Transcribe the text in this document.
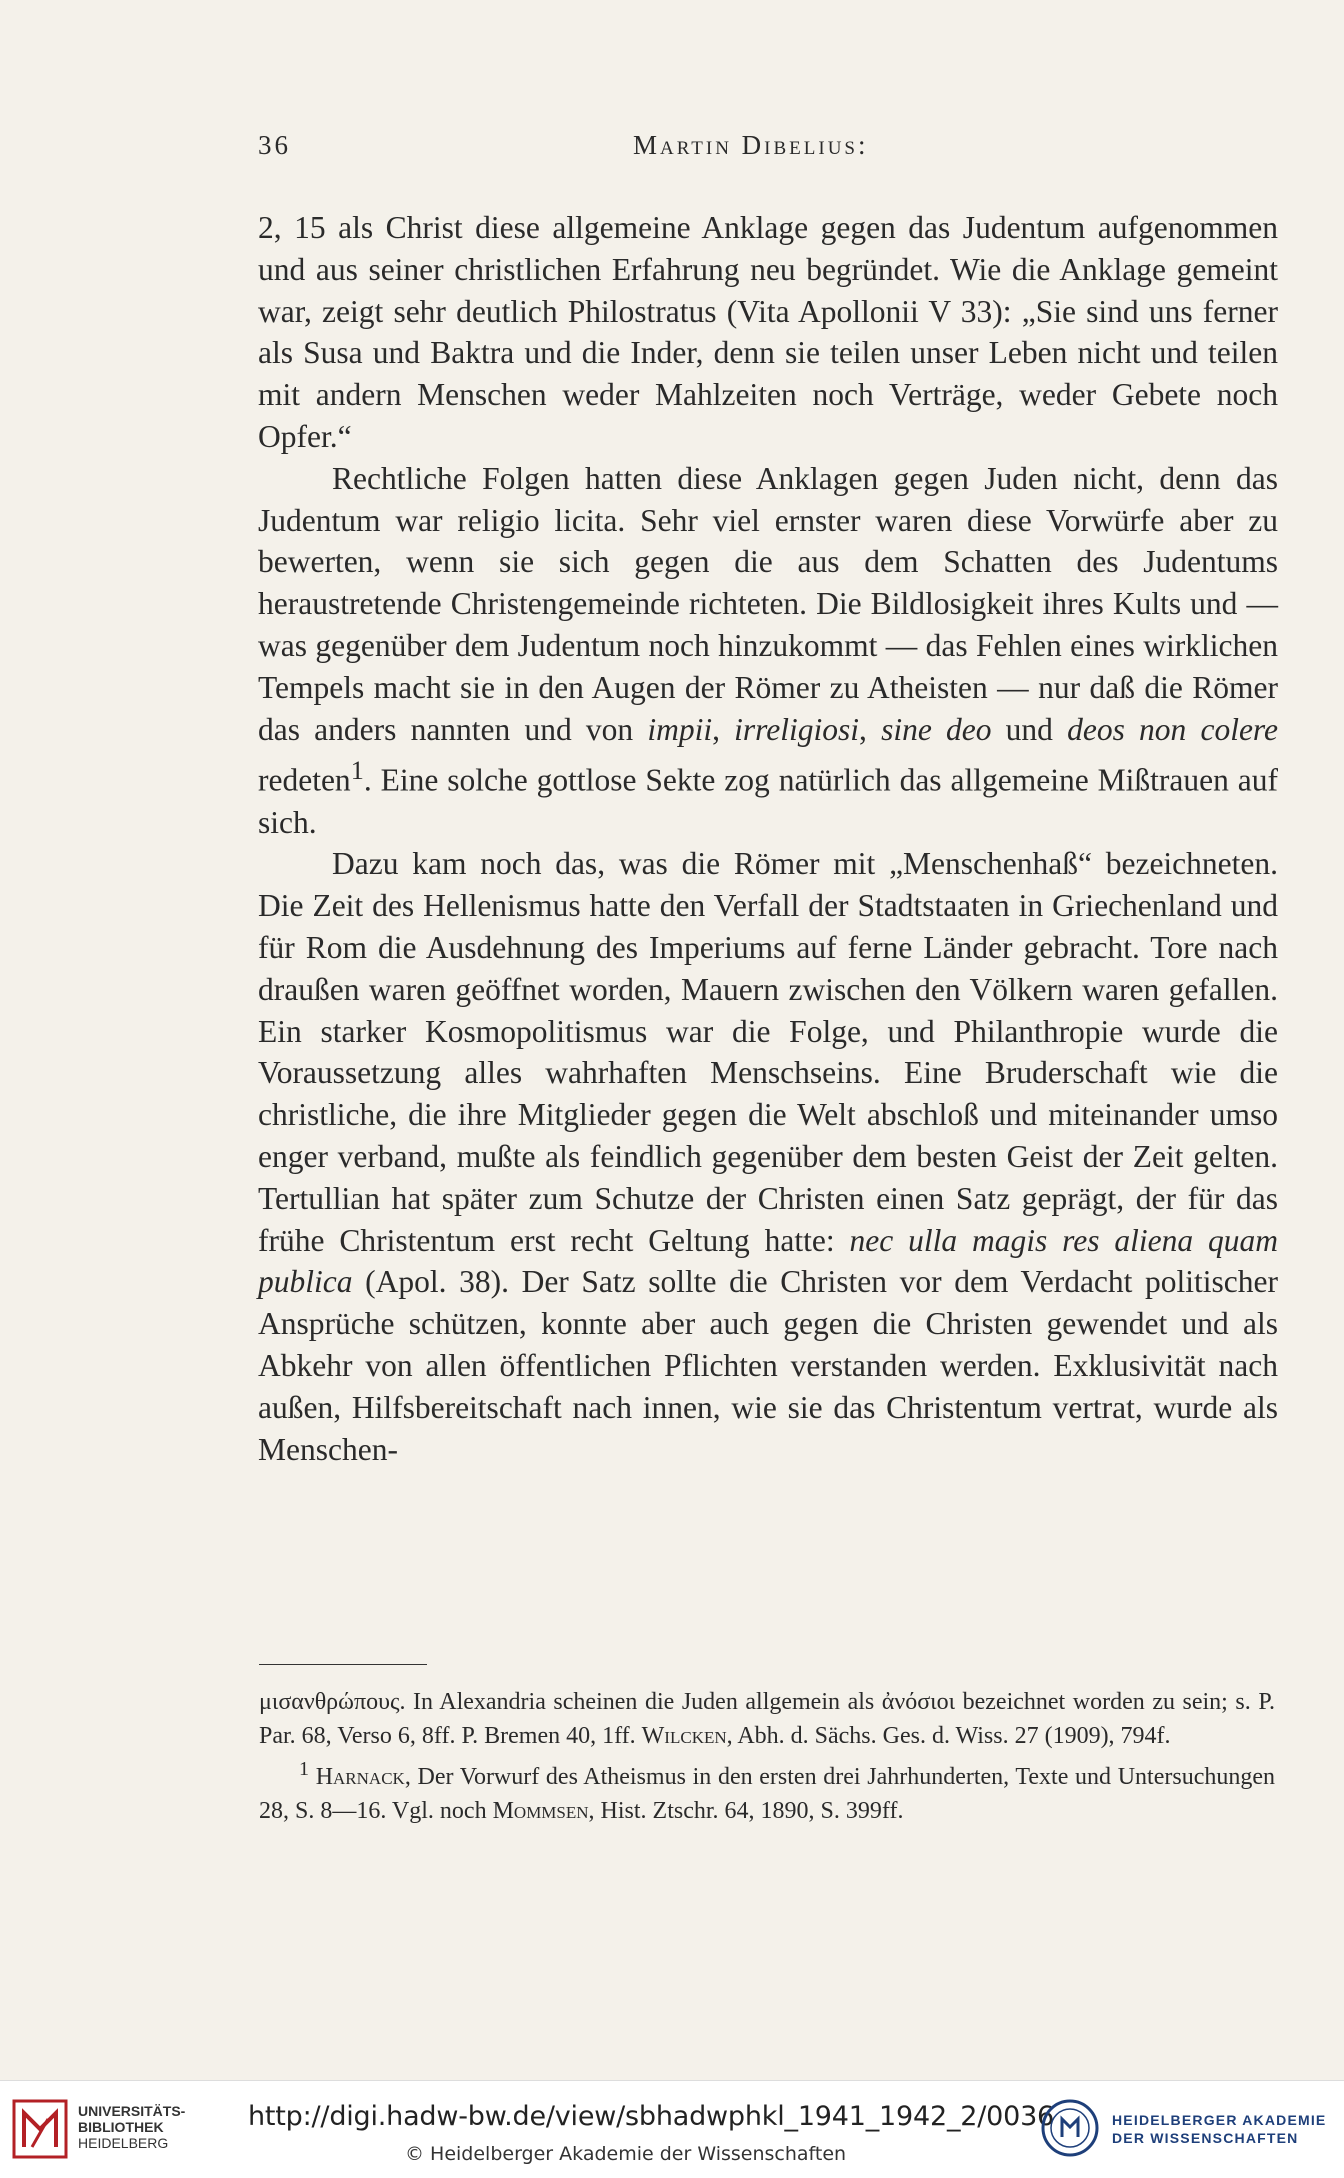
36	Martin Dibelius:

2, 15 als Christ diese allgemeine Anklage gegen das Judentum aufgenommen und aus seiner christlichen Erfahrung neu begründet. Wie die Anklage gemeint war, zeigt sehr deutlich Philostratus (Vita Apollonii V 33): „Sie sind uns ferner als Susa und Baktra und die Inder, denn sie teilen unser Leben nicht und teilen mit andern Menschen weder Mahlzeiten noch Verträge, weder Gebete noch Opfer.“

Rechtliche Folgen hatten diese Anklagen gegen Juden nicht, denn das Judentum war religio licita. Sehr viel ernster waren diese Vorwürfe aber zu bewerten, wenn sie sich gegen die aus dem Schatten des Judentums heraustretende Christengemeinde richteten. Die Bildlosigkeit ihres Kults und — was gegenüber dem Judentum noch hinzukommt — das Fehlen eines wirklichen Tempels macht sie in den Augen der Römer zu Atheisten — nur daß die Römer das anders nannten und von impii, irreligiosi, sine deo und deos non colere redeten$^1$. Eine solche gottlose Sekte zog natürlich das allgemeine Mißtrauen auf sich.

Dazu kam noch das, was die Römer mit „Menschenhaß“ bezeichneten. Die Zeit des Hellenismus hatte den Verfall der Stadtstaaten in Griechenland und für Rom die Ausdehnung des Imperiums auf ferne Länder gebracht. Tore nach draußen waren geöffnet worden, Mauern zwischen den Völkern waren gefallen. Ein starker Kosmopolitismus war die Folge, und Philanthropie wurde die Voraussetzung alles wahrhaften Menschseins. Eine Bruderschaft wie die christliche, die ihre Mitglieder gegen die Welt abschloß und miteinander umso enger verband, mußte als feindlich gegenüber dem besten Geist der Zeit gelten. Tertullian hat später zum Schutze der Christen einen Satz geprägt, der für das frühe Christentum erst recht Geltung hatte: nec ulla magis res aliena quam publica (Apol. 38). Der Satz sollte die Christen vor dem Verdacht politischer Ansprüche schützen, konnte aber auch gegen die Christen gewendet und als Abkehr von allen öffentlichen Pflichten verstanden werden. Exklusivität nach außen, Hilfsbereitschaft nach innen, wie sie das Christentum vertrat, wurde als Menschen-

μισανθρώπους. In Alexandria scheinen die Juden allgemein als ἀνόσιοι bezeichnet worden zu sein; s. P. Par. 68, Verso 6, 8ff. P. Bremen 40, 1ff. Wilcken, Abh. d. Sächs. Ges. d. Wiss. 27 (1909), 794f.

$^1$ Harnack, Der Vorwurf des Atheismus in den ersten drei Jahrhunderten, Texte und Untersuchungen 28, S. 8—16. Vgl. noch Mommsen, Hist. Ztschr. 64, 1890, S. 399ff.

UNIVERSITÄTS-
BIBLIOTHEK
HEIDELBERG
http://digi.hadw-bw.de/view/sbhadwphkl_1941_1942_2/0036
© Heidelberger Akademie der Wissenschaften
HEIDELBERGER AKADEMIE
DER WISSENSCHAFTEN
